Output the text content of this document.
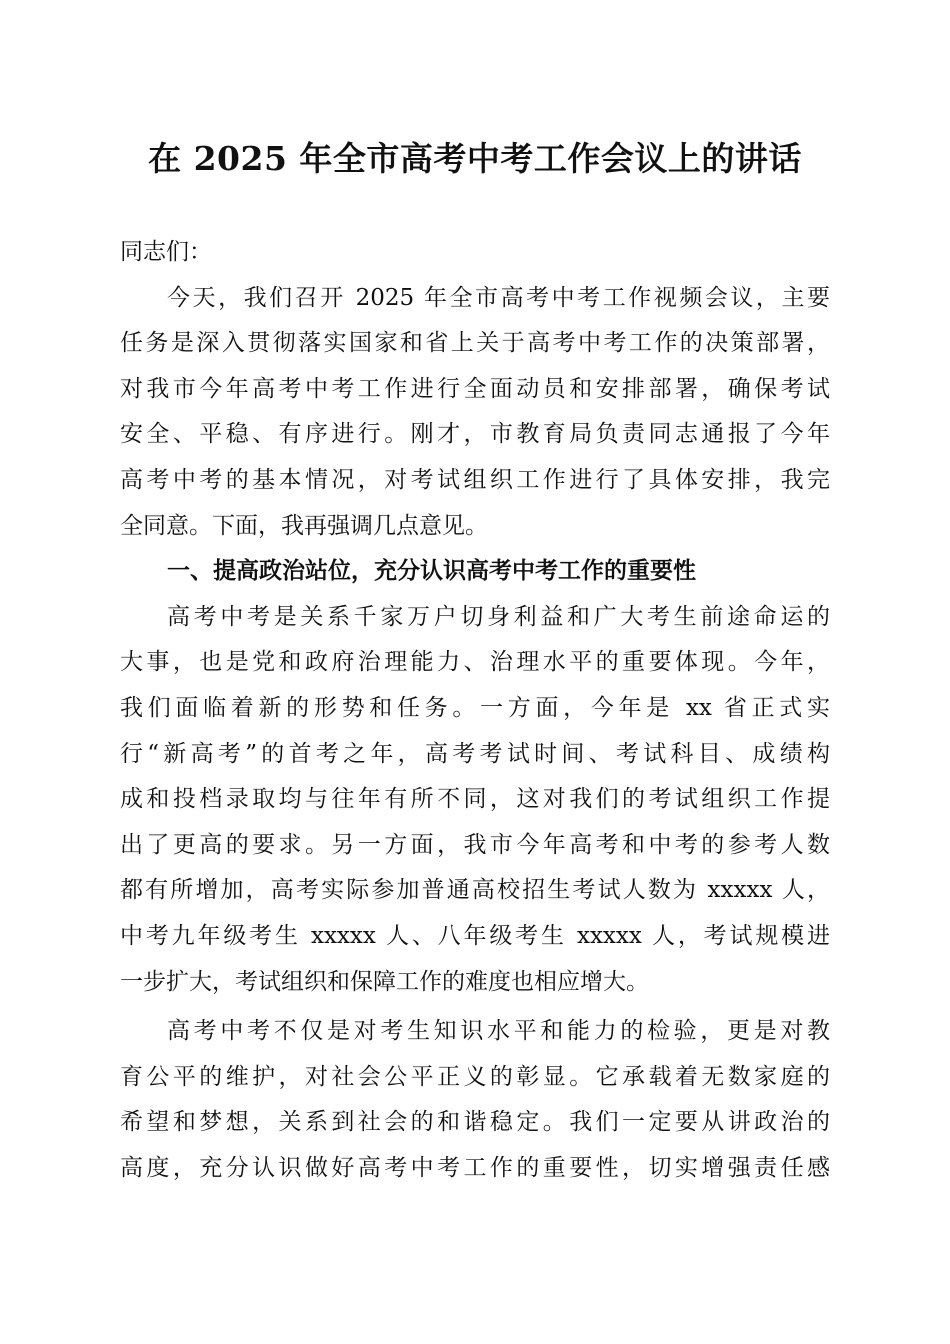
在 2025 年全市高考中考工作会议上的讲话
同志们：
今天，我们召开 2025 年全市高考中考工作视频会议，主要
任务是深入贯彻落实国家和省上关于高考中考工作的决策部署，
对我市今年高考中考工作进行全面动员和安排部署，确保考试
安全、平稳、有序进行。刚才，市教育局负责同志通报了今年
高考中考的基本情况，对考试组织工作进行了具体安排，我完
全同意。下面，我再强调几点意见。
一、提高政治站位，充分认识高考中考工作的重要性
高考中考是关系千家万户切身利益和广大考生前途命运的
大事，也是党和政府治理能力、治理水平的重要体现。今年，
我们面临着新的形势和任务。一方面，今年是 xx 省正式实
行“新高考”的首考之年，高考考试时间、考试科目、成绩构
成和投档录取均与往年有所不同，这对我们的考试组织工作提
出了更高的要求。另一方面，我市今年高考和中考的参考人数
都有所增加，高考实际参加普通高校招生考试人数为 xxxxx 人，
中考九年级考生 xxxxx 人、八年级考生 xxxxx 人，考试规模进
一步扩大，考试组织和保障工作的难度也相应增大。
高考中考不仅是对考生知识水平和能力的检验，更是对教
育公平的维护，对社会公平正义的彰显。它承载着无数家庭的
希望和梦想，关系到社会的和谐稳定。我们一定要从讲政治的
高度，充分认识做好高考中考工作的重要性，切实增强责任感
